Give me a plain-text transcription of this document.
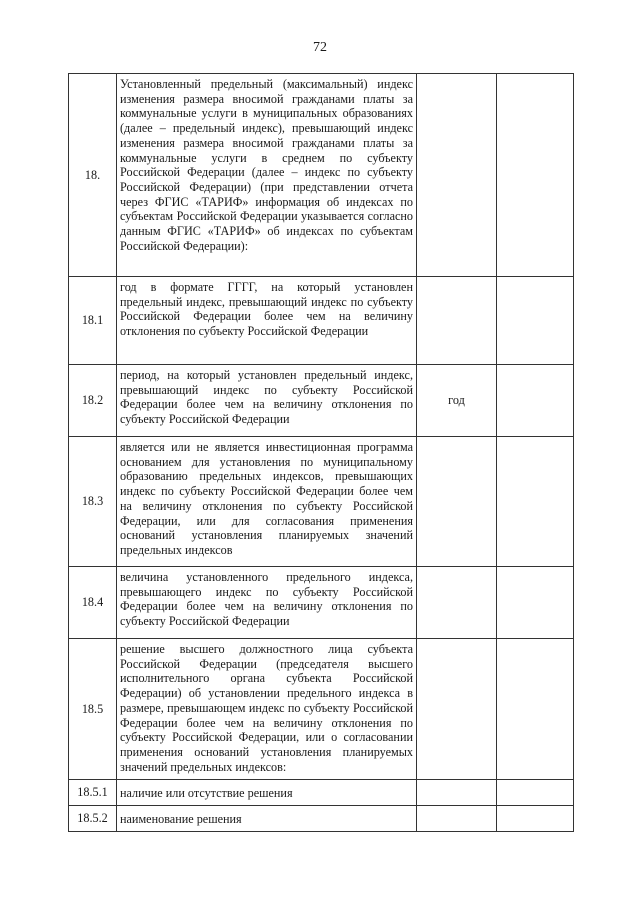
72
18.	Установленный предельный (максимальный) индекс изменения размера вносимой гражданами платы за коммунальные услуги в муниципальных образованиях (далее – предельный индекс), превышающий индекс изменения размера вносимой гражданами платы за коммунальные услуги в среднем по субъекту Российской Федерации (далее – индекс по субъекту Российской Федерации) (при представлении отчета через ФГИС «ТАРИФ» информация об индексах по субъектам Российской Федерации указывается согласно данным ФГИС «ТАРИФ» об индексах по субъектам Российской Федерации):		
18.1	год в формате ГГГГ, на который установлен предельный индекс, превышающий индекс по субъекту Российской Федерации более чем на величину отклонения по субъекту Российской Федерации		
18.2	период, на который установлен предельный индекс, превышающий индекс по субъекту Российской Федерации более чем на величину отклонения по субъекту Российской Федерации	год	
18.3	является или не является инвестиционная программа основанием для установления по муниципальному образованию предельных индексов, превышающих индекс по субъекту Российской Федерации более чем на величину отклонения по субъекту Российской Федерации, или для согласования применения оснований установления планируемых значений предельных индексов		
18.4	величина установленного предельного индекса, превышающего индекс по субъекту Российской Федерации более чем на величину отклонения по субъекту Российской Федерации		
18.5	решение высшего должностного лица субъекта Российской Федерации (председателя высшего исполнительного органа субъекта Российской Федерации) об установлении предельного индекса в размере, превышающем индекс по субъекту Российской Федерации более чем на величину отклонения по субъекту Российской Федерации, или о согласовании применения оснований установления планируемых значений предельных индексов:		
18.5.1	наличие или отсутствие решения		
18.5.2	наименование решения		
